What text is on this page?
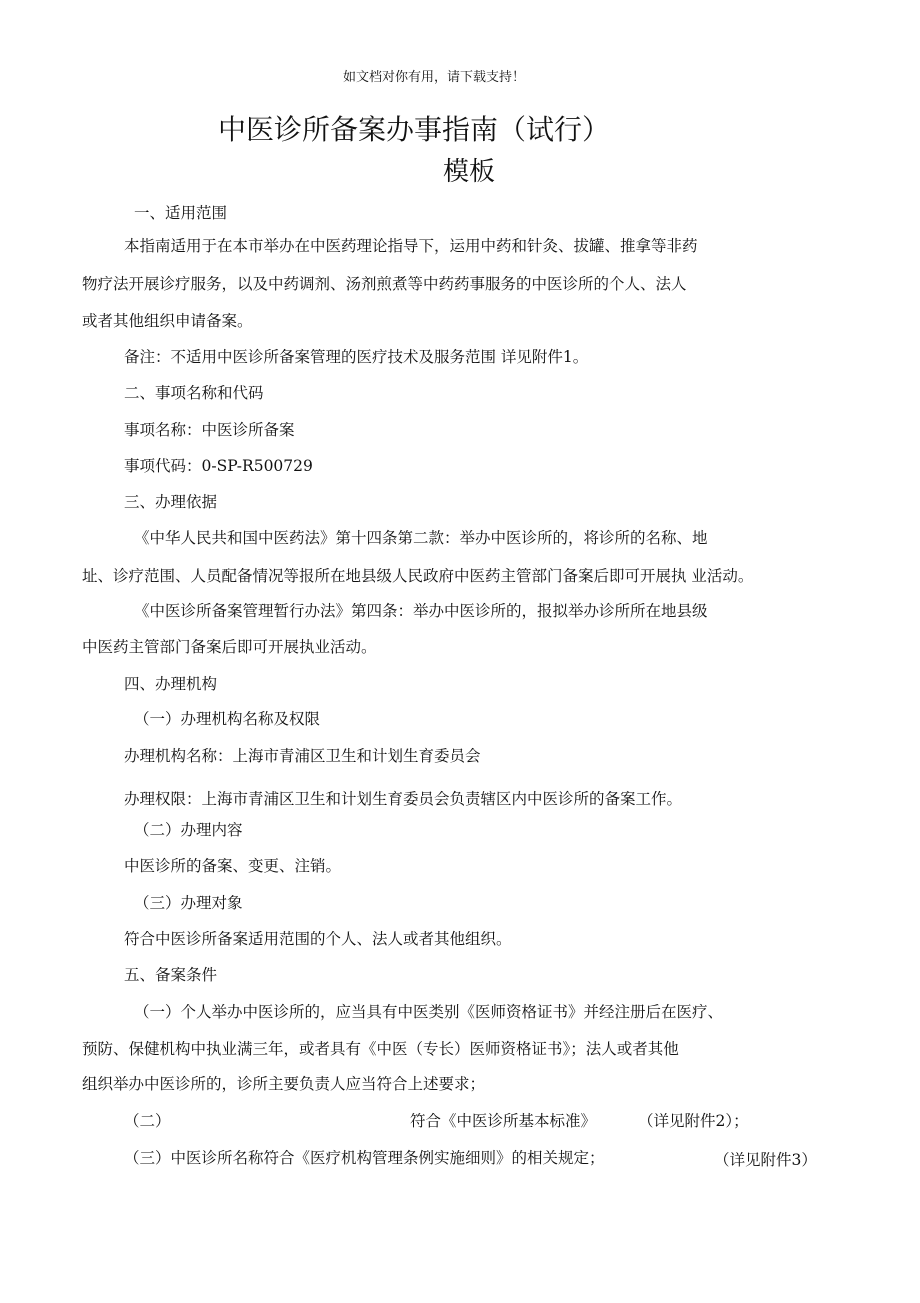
如文档对你有用，请下载支持！
中医诊所备案办事指南（试行）
模板
一、适用范围
本指南适用于在本市举办在中医药理论指导下，运用中药和针灸、拔罐、推拿等非药
物疗法开展诊疗服务，以及中药调剂、汤剂煎煮等中药药事服务的中医诊所的个人、法人
或者其他组织申请备案。
备注：不适用中医诊所备案管理的医疗技术及服务范围 详见附件1。
二、事项名称和代码
事项名称：中医诊所备案
事项代码：0-SP-R500729
三、办理依据
《中华人民共和国中医药法》第十四条第二款：举办中医诊所的，将诊所的名称、地
址、诊疗范围、人员配备情况等报所在地县级人民政府中医药主管部门备案后即可开展执 业活动。
《中医诊所备案管理暂行办法》第四条：举办中医诊所的，报拟举办诊所所在地县级
中医药主管部门备案后即可开展执业活动。
四、办理机构
（一）办理机构名称及权限
办理机构名称：上海市青浦区卫生和计划生育委员会
办理权限：上海市青浦区卫生和计划生育委员会负责辖区内中医诊所的备案工作。
（二）办理内容
中医诊所的备案、变更、注销。
（三）办理对象
符合中医诊所备案适用范围的个人、法人或者其他组织。
五、备案条件
（一）个人举办中医诊所的，应当具有中医类别《医师资格证书》并经注册后在医疗、
预防、保健机构中执业满三年，或者具有《中医（专长）医师资格证书》；法人或者其他
组织举办中医诊所的，诊所主要负责人应当符合上述要求；
（二）	符合《中医诊所基本标准》	（详见附件2）；
（三）中医诊所名称符合《医疗机构管理条例实施细则》的相关规定；	（详见附件3）
